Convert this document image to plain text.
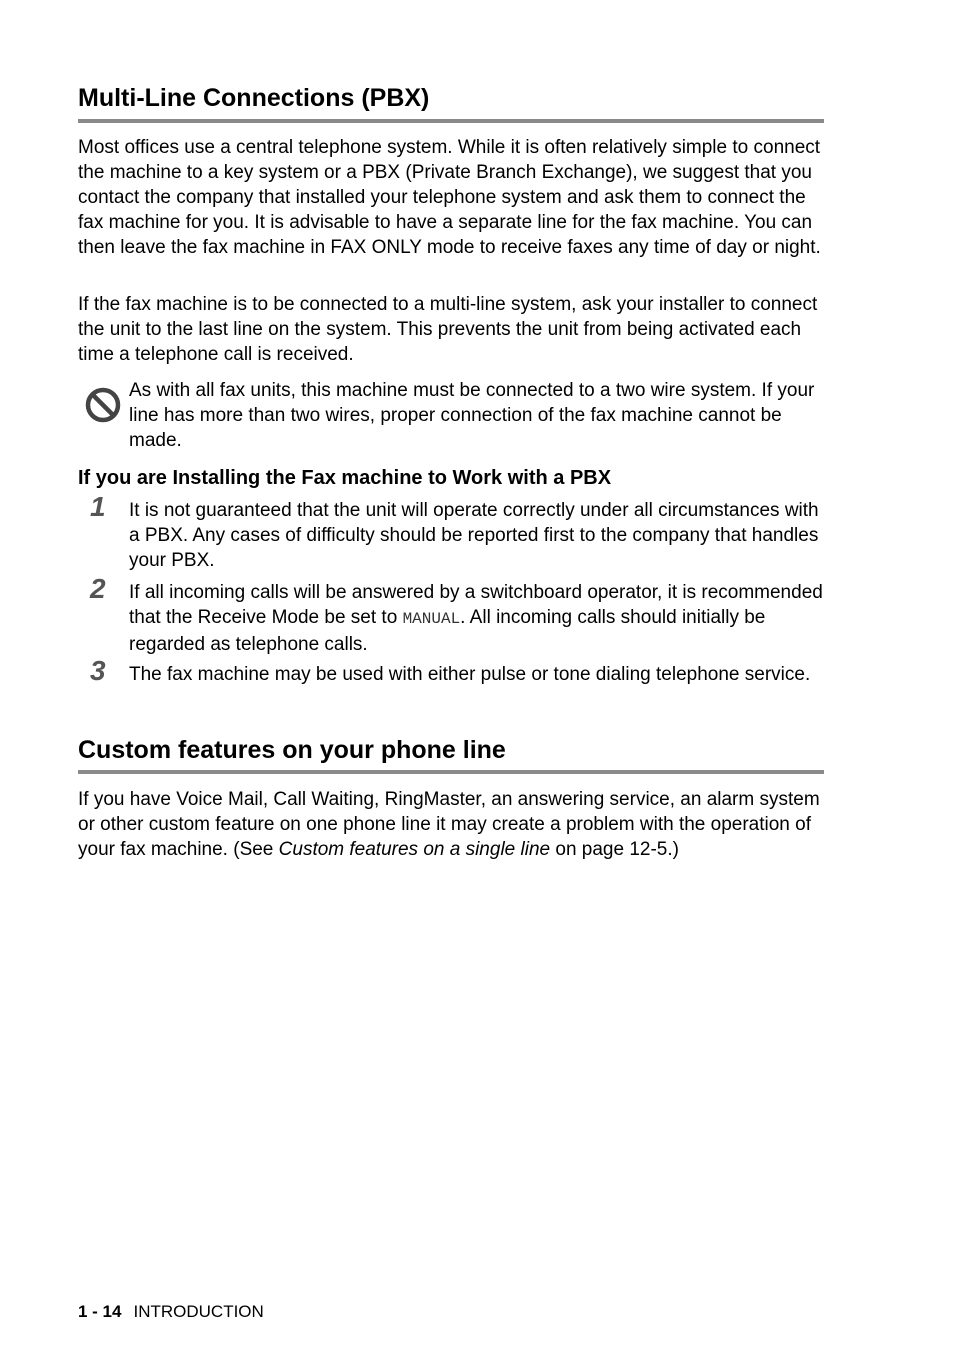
Multi-Line Connections (PBX)

Most offices use a central telephone system. While it is often relatively simple to connect the machine to a key system or a PBX (Private Branch Exchange), we suggest that you contact the company that installed your telephone system and ask them to connect the fax machine for you. It is advisable to have a separate line for the fax machine. You can then leave the fax machine in FAX ONLY mode to receive faxes any time of day or night.

If the fax machine is to be connected to a multi-line system, ask your installer to connect the unit to the last line on the system. This prevents the unit from being activated each time a telephone call is received.

As with all fax units, this machine must be connected to a two wire system. If your line has more than two wires, proper connection of the fax machine cannot be made.

If you are Installing the Fax machine to Work with a PBX
1	It is not guaranteed that the unit will operate correctly under all circumstances with a PBX. Any cases of difficulty should be reported first to the company that handles your PBX.

2	If all incoming calls will be answered by a switchboard operator, it is recommended that the Receive Mode be set to MANUAL. All incoming calls should initially be regarded as telephone calls.

3	The fax machine may be used with either pulse or tone dialing telephone service.

Custom features on your phone line

If you have Voice Mail, Call Waiting, RingMaster, an answering service, an alarm system or other custom feature on one phone line it may create a problem with the operation of your fax machine. (See Custom features on a single line on page 12-5.)

1 - 14 INTRODUCTION
